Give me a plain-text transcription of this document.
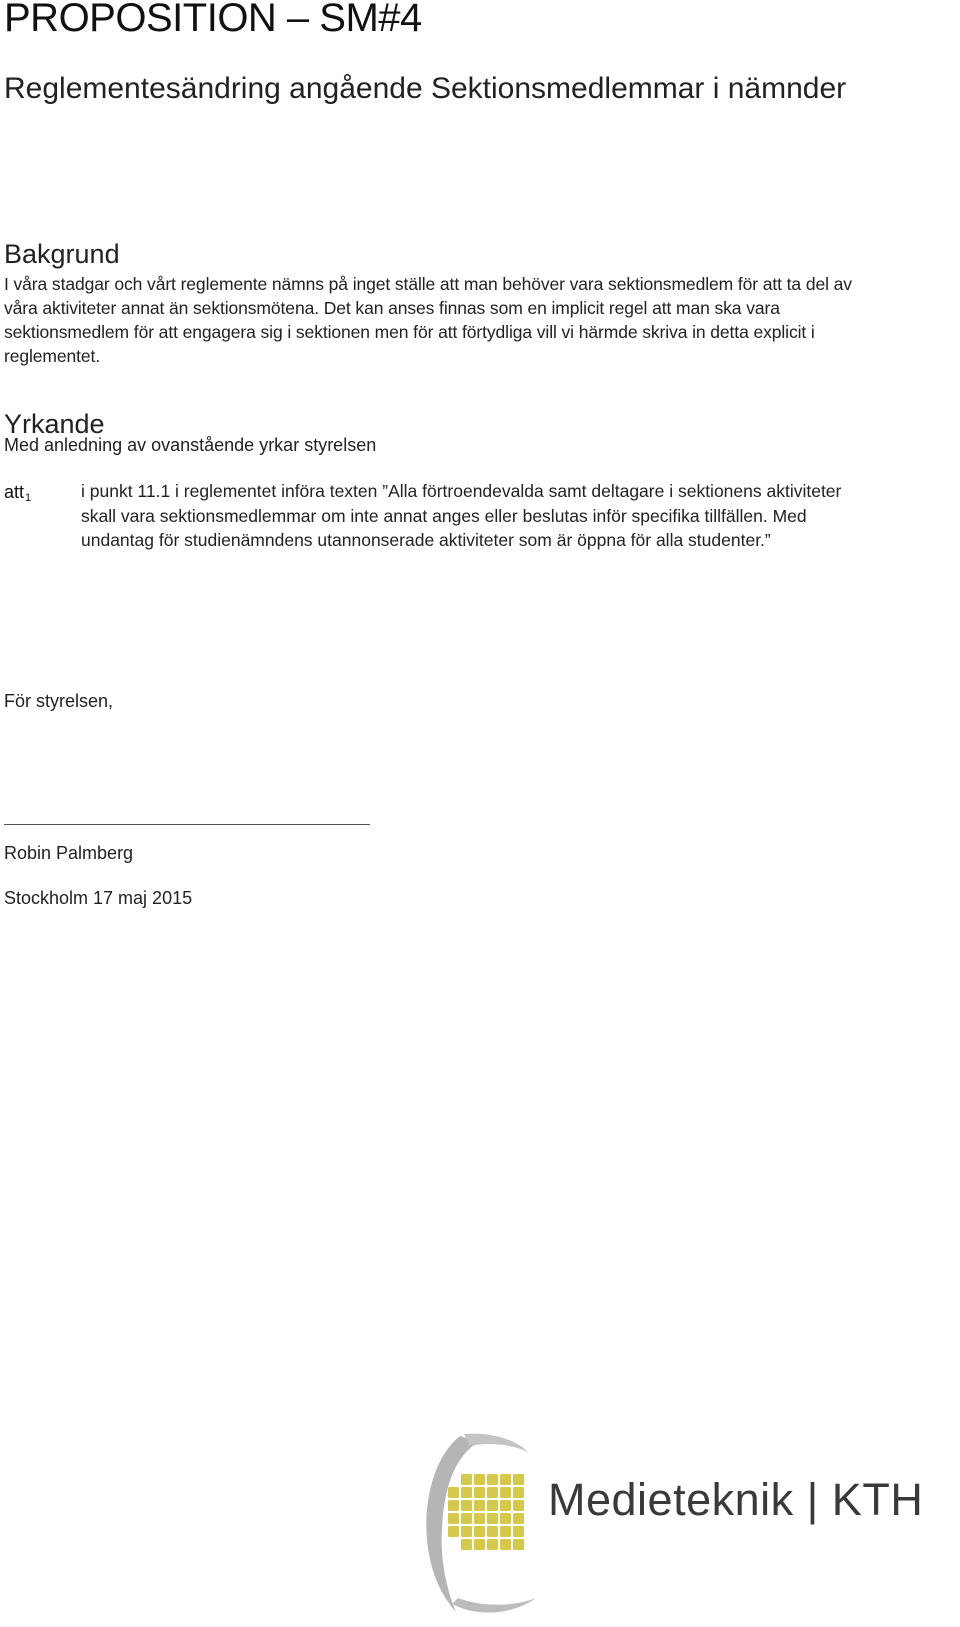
PROPOSITION – SM#4
Reglementesändring angående Sektionsmedlemmar i nämnder
Bakgrund

I våra stadgar och vårt reglemente nämns på inget ställe att man behöver vara sektionsmedlem för att ta del av våra aktiviteter annat än sektionsmötena. Det kan anses finnas som en implicit regel att man ska vara sektionsmedlem för att engagera sig i sektionen men för att förtydliga vill vi härmde skriva in detta explicit i reglementet.

Yrkande

Med anledning av ovanstående yrkar styrelsen

att$_1$	i punkt 11.1 i reglementet införa texten ”Alla förtroendevalda samt deltagare i sektionens aktiviteter skall vara sektionsmedlemmar om inte annat anges eller beslutas inför specifika tillfällen. Med undantag för studienämndens utannonserade aktiviteter som är öppna för alla studenter.”

För styrelsen,
Robin Palmberg
Stockholm 17 maj 2015
Medieteknik | KTH
